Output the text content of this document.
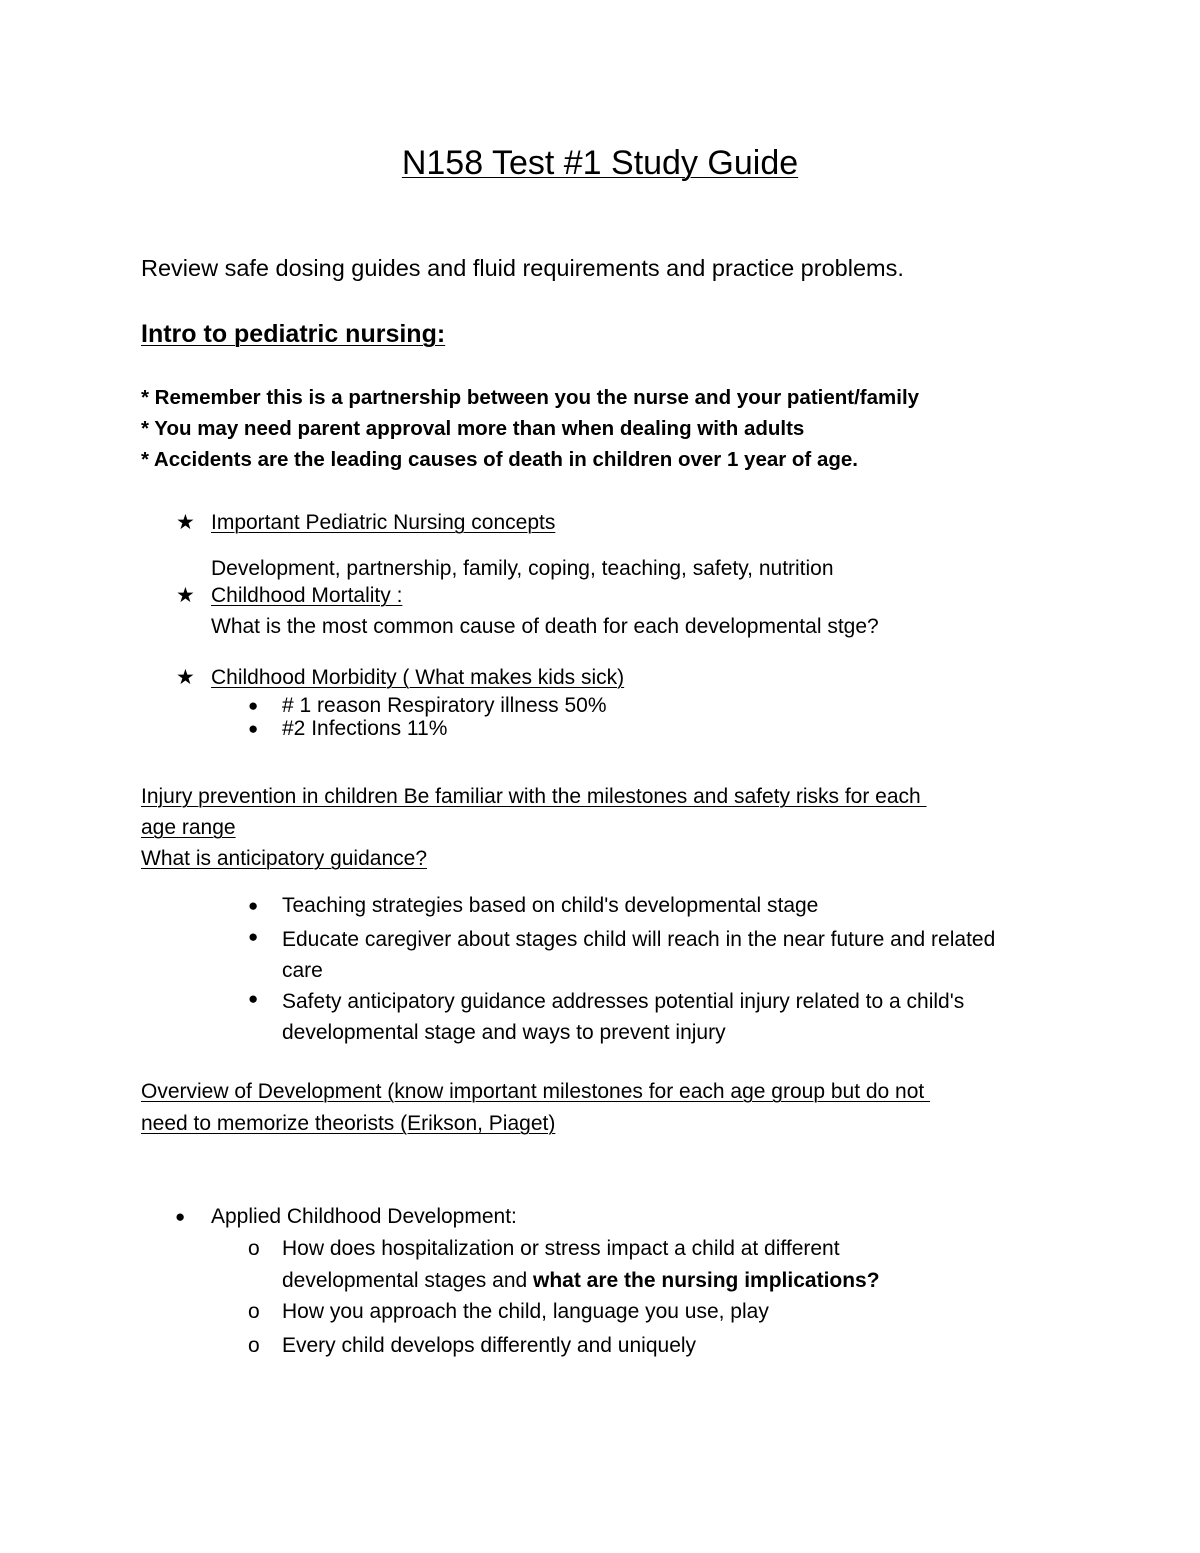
N158 Test #1 Study Guide

Review safe dosing guides and fluid requirements and practice problems.

Intro to pediatric nursing:

* Remember this is a partnership between you the nurse and your patient/family

* You may need parent approval more than when dealing with adults

* Accidents are the leading causes of death in children over 1 year of age.

★ Important Pediatric Nursing concepts

Development, partnership, family, coping, teaching, safety, nutrition

★ Childhood Mortality :

What is the most common cause of death for each developmental stge?

★ Childhood Morbidity ( What makes kids sick)

● # 1 reason Respiratory illness 50%

● #2 Infections 11%

Injury prevention in children Be familiar with the milestones and safety risks for each

age range

What is anticipatory guidance?

● Teaching strategies based on child's developmental stage

● Educate caregiver about stages child will reach in the near future and related care

● Safety anticipatory guidance addresses potential injury related to a child's developmental stage and ways to prevent injury

Overview of Development (know important milestones for each age group but do not

need to memorize theorists (Erikson, Piaget)

● Applied Childhood Development:

o How does hospitalization or stress impact a child at different

developmental stages and what are the nursing implications?

o How you approach the child, language you use, play

o Every child develops differently and uniquely
